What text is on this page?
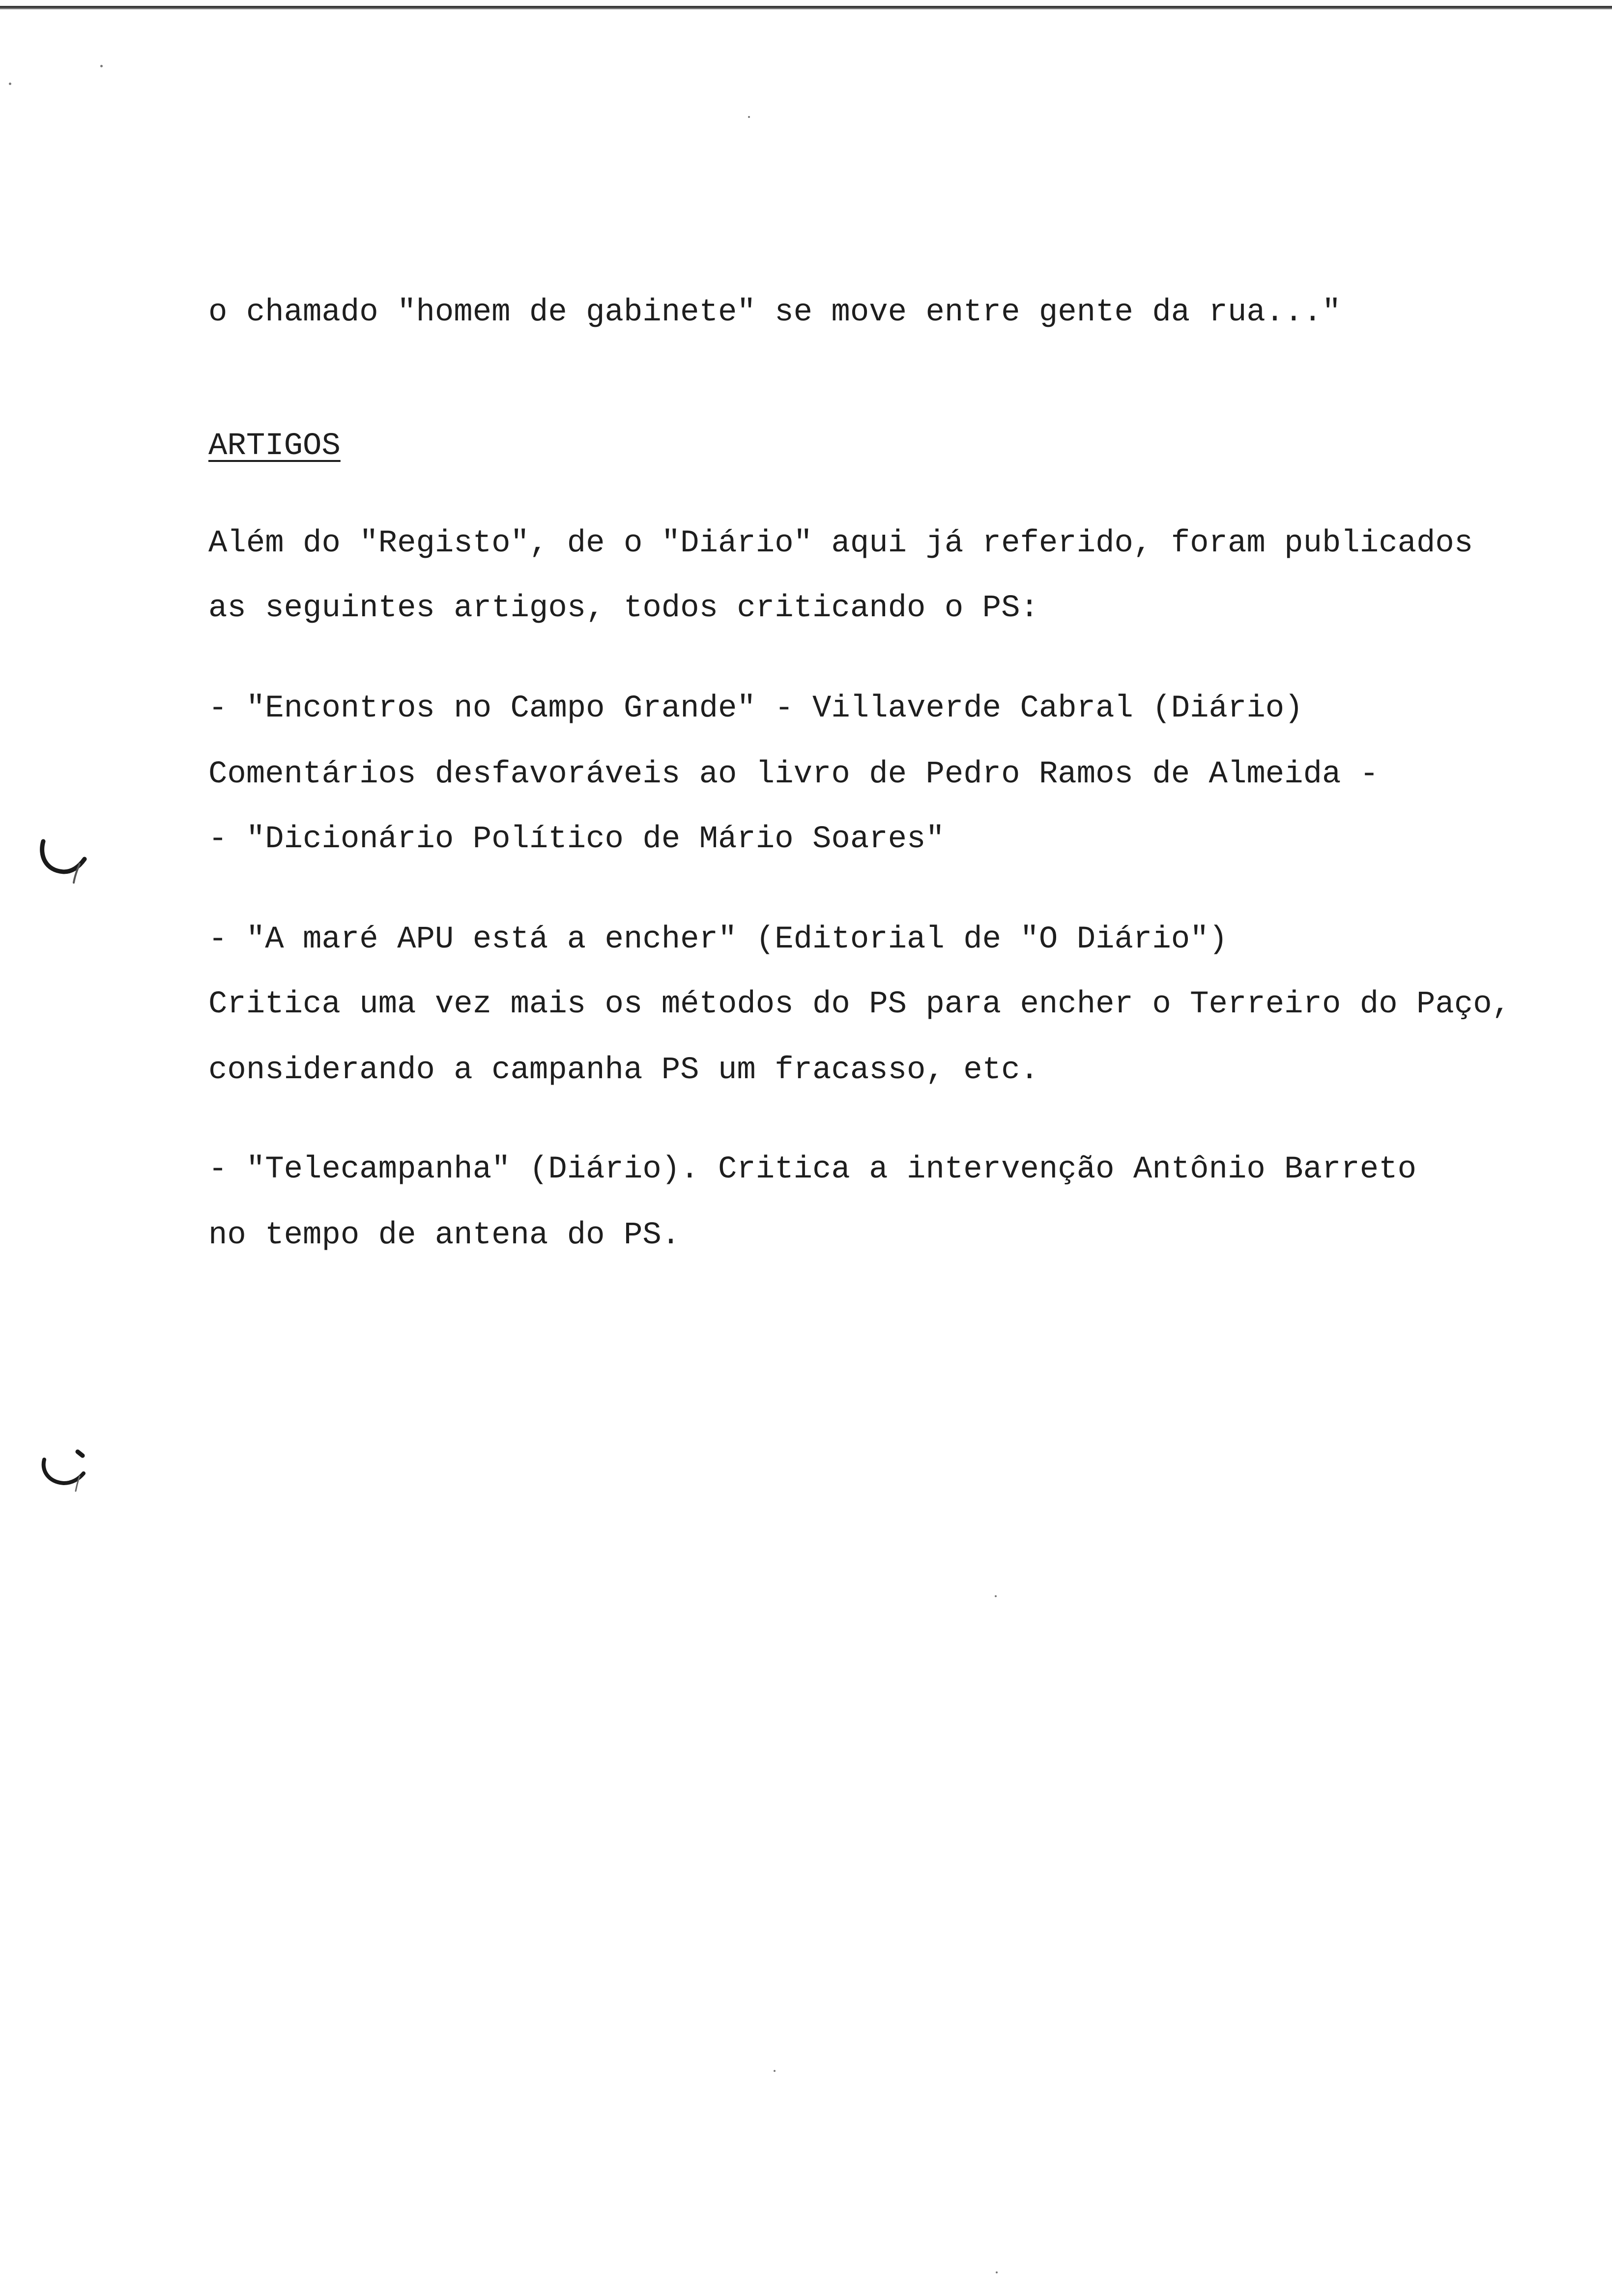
o chamado "homem de gabinete" se move entre gente da rua..."
ARTIGOS
Além do "Registo", de o "Diário" aqui já referido, foram publicados
as seguintes artigos, todos criticando o PS:
- "Encontros no Campo Grande" - Villaverde Cabral (Diário)
Comentários desfavoráveis ao livro de Pedro Ramos de Almeida -
- "Dicionário Político de Mário Soares"
- "A maré APU está a encher" (Editorial de "O Diário")
Critica uma vez mais os métodos do PS para encher o Terreiro do Paço,
considerando a campanha PS um fracasso, etc.
- "Telecampanha" (Diário). Critica a intervenção Antônio Barreto
no tempo de antena do PS.
